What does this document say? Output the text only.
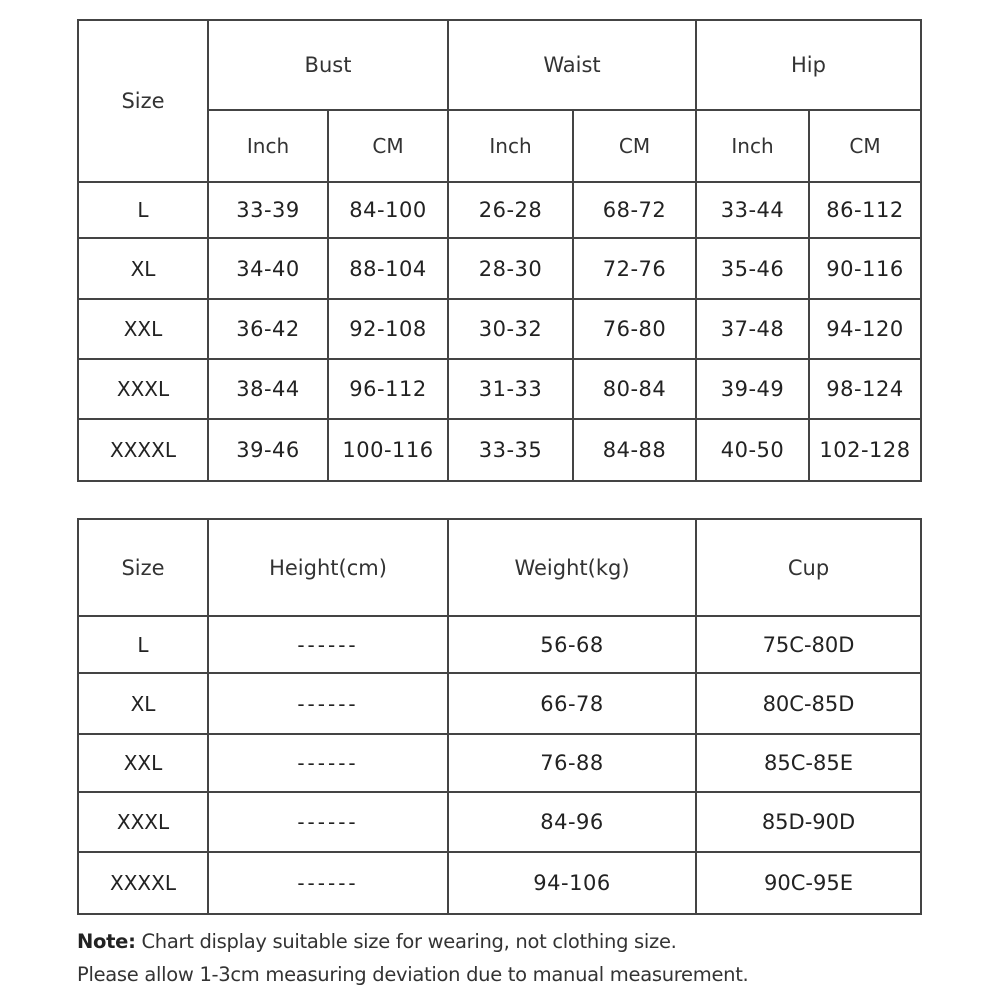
Size	Bust		Waist		Hip	
	Inch	CM	Inch	CM	Inch	CM
L	33-39	84-100	26-28	68-72	33-44	86-112
XL	34-40	88-104	28-30	72-76	35-46	90-116
XXL	36-42	92-108	30-32	76-80	37-48	94-120
XXXL	38-44	96-112	31-33	80-84	39-49	98-124
XXXXL	39-46	100-116	33-35	84-88	40-50	102-128
Size	Height(cm)	Weight(kg)	Cup
L	------	56-68	75C-80D
XL	------	66-78	80C-85D
XXL	------	76-88	85C-85E
XXXL	------	84-96	85D-90D
XXXXL	------	94-106	90C-95E
Note: Chart display suitable size for wearing, not clothing size.
Please allow 1-3cm measuring deviation due to manual measurement.
